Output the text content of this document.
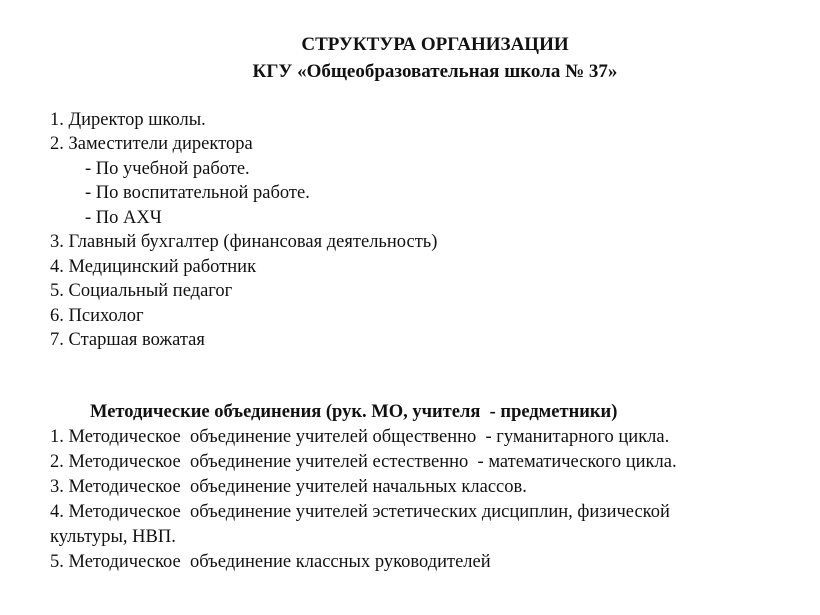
СТРУКТУРА ОРГАНИЗАЦИИ
КГУ «Общеобразовательная школа № 37»
1. Директор школы.
2. Заместители директора
- По учебной работе.
- По воспитательной работе.
- По АХЧ
3. Главный бухгалтер (финансовая деятельность)
4. Медицинский работник
5. Социальный педагог
6. Психолог
7. Старшая вожатая
Методические объединения (рук. МО, учителя  - предметники)
1. Методическое  объединение учителей общественно  - гуманитарного цикла.
2. Методическое  объединение учителей естественно  - математического цикла.
3. Методическое  объединение учителей начальных классов.
4. Методическое  объединение учителей эстетических дисциплин, физической
культуры, НВП.
5. Методическое  объединение классных руководителей
